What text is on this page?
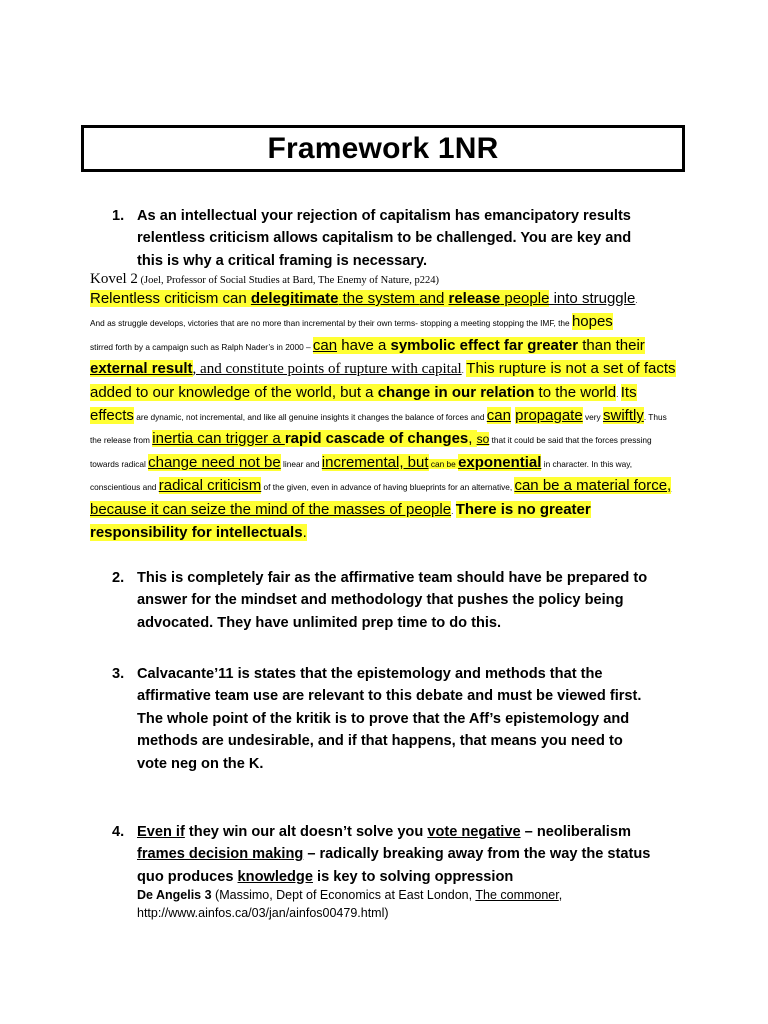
Framework 1NR
1. As an intellectual your rejection of capitalism has emancipatory results
relentless criticism allows capitalism to be challenged. You are key and
this is why a critical framing is necessary.
Kovel 2 (Joel, Professor of Social Studies at Bard, The Enemy of Nature, p224)
Relentless criticism can delegitimate the system and release people into struggle.
And as struggle develops, victories that are no more than incremental by their own terms- stopping a meeting stopping the IMF, the hopes
stirred forth by a campaign such as Ralph Nader’s in 2000 – can have a symbolic effect far greater than their external result, and constitute points of rupture with capital. This rupture is not a set of facts added to our knowledge of the world, but a change in our relation to the world. Its effects are dynamic, not incremental, and like all genuine insights it changes the balance of forces and can propagate very swiftly. Thus the release from inertia can trigger a rapid cascade of changes, so that it could be said that the forces pressing towards radical change need not be linear and incremental, but can be exponential in character. In this way, conscientious and radical criticism of the given, even in advance of having blueprints for an alternative, can be a material force, because it can seize the mind of the masses of people. There is no greater responsibility for intellectuals.
2. This is completely fair as the affirmative team should have be prepared to
answer for the mindset and methodology that pushes the policy being
advocated. They have unlimited prep time to do this.
3. Calvacante’11 is states that the epistemology and methods that the
affirmative team use are relevant to this debate and must be viewed first.
The whole point of the kritik is to prove that the Aff’s epistemology and
methods are undesirable, and if that happens, that means you need to
vote neg on the K.
4. Even if they win our alt doesn’t solve you vote negative – neoliberalism
frames decision making – radically breaking away from the way the status
quo produces knowledge is key to solving oppression
De Angelis 3 (Massimo, Dept of Economics at East London, The commoner,
http://www.ainfos.ca/03/jan/ainfos00479.html)
